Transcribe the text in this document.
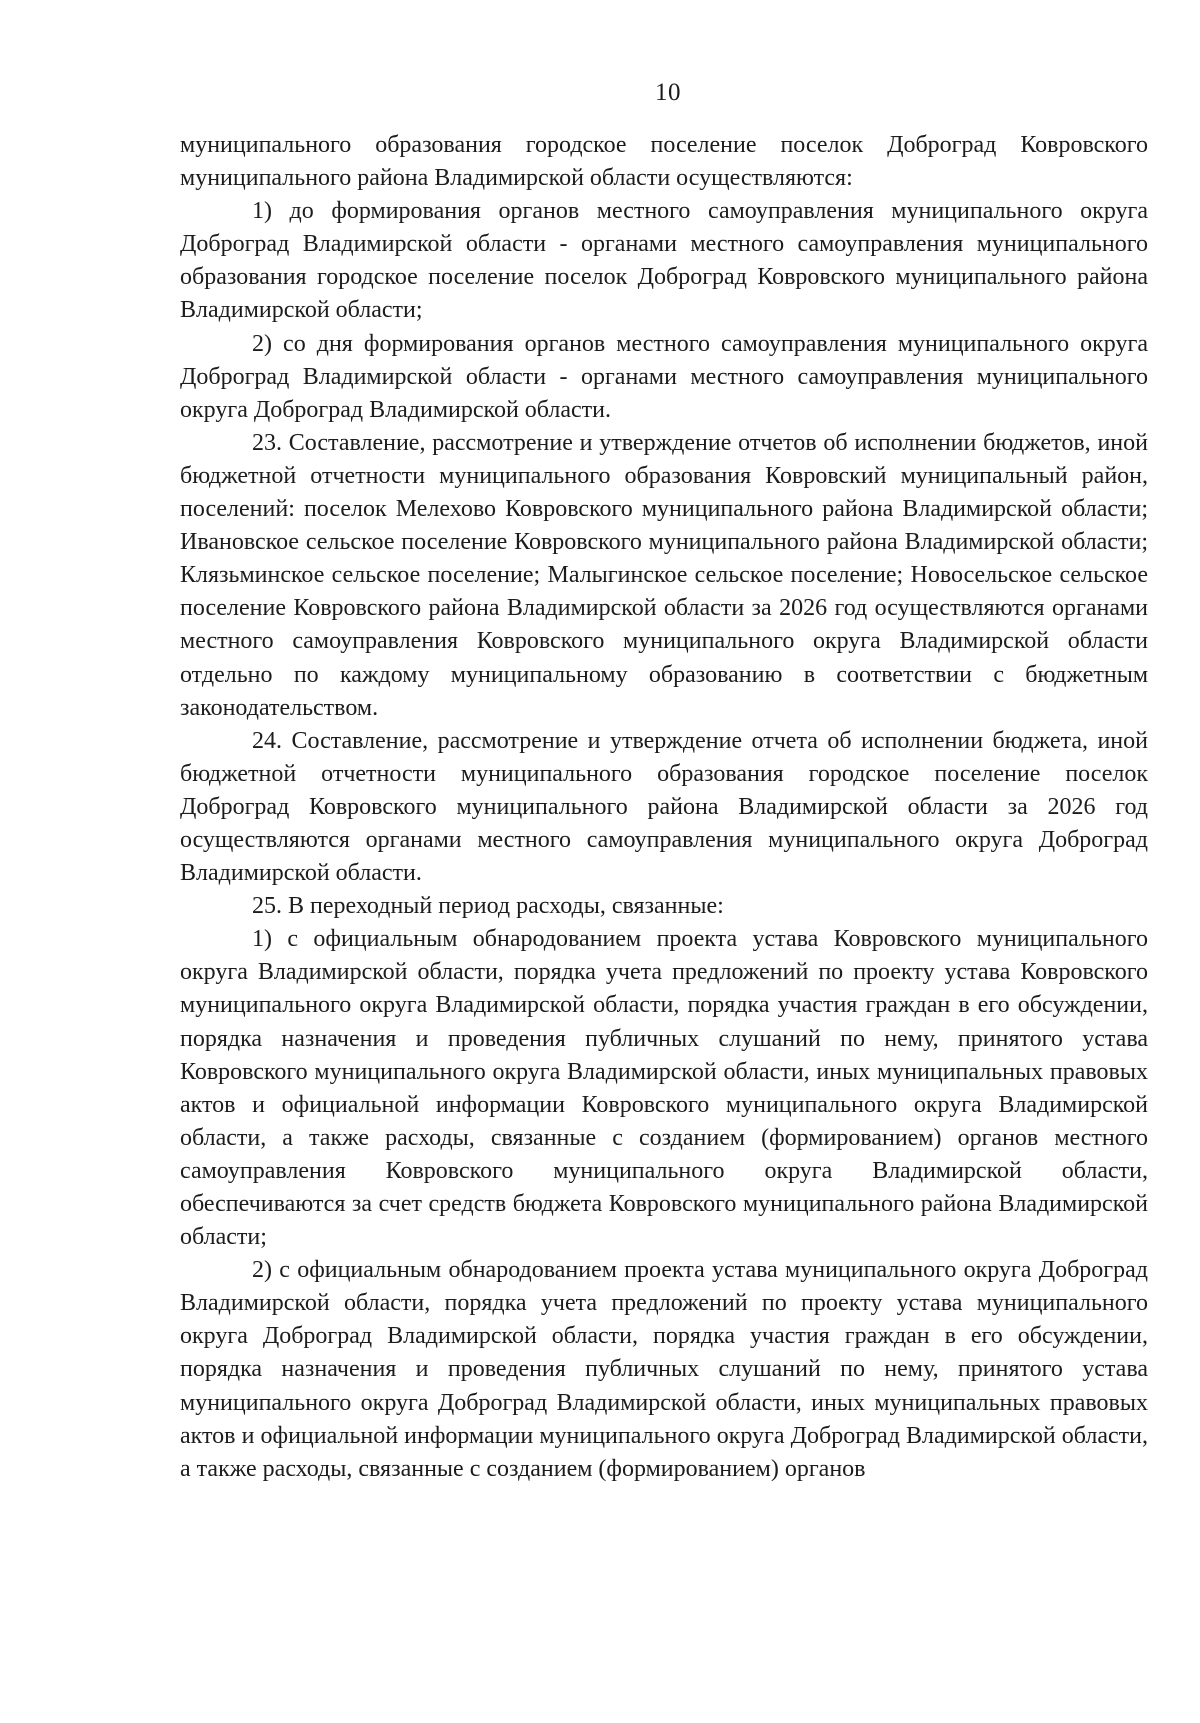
10

муниципального образования городское поселение поселок Доброград Ковровского муниципального района Владимирской области осуществляются:

1) до формирования органов местного самоуправления муниципального округа Доброград Владимирской области - органами местного самоуправления муниципального образования городское поселение поселок Доброград Ковровского муниципального района Владимирской области;

2) со дня формирования органов местного самоуправления муниципального округа Доброград Владимирской области - органами местного самоуправления муниципального округа Доброград Владимирской области.

23. Составление, рассмотрение и утверждение отчетов об исполнении бюджетов, иной бюджетной отчетности муниципального образования Ковровский муниципальный район, поселений: поселок Мелехово Ковровского муниципального района Владимирской области; Ивановское сельское поселение Ковровского муниципального района Владимирской области; Клязьминское сельское поселение; Малыгинское сельское поселение; Новосельское сельское поселение Ковровского района Владимирской области за 2026 год осуществляются органами местного самоуправления Ковровского муниципального округа Владимирской области отдельно по каждому муниципальному образованию в соответствии с бюджетным законодательством.

24. Составление, рассмотрение и утверждение отчета об исполнении бюджета, иной бюджетной отчетности муниципального образования городское поселение поселок Доброград Ковровского муниципального района Владимирской области за 2026 год осуществляются органами местного самоуправления муниципального округа Доброград Владимирской области.

25. В переходный период расходы, связанные:

1) с официальным обнародованием проекта устава Ковровского муниципального округа Владимирской области, порядка учета предложений по проекту устава Ковровского муниципального округа Владимирской области, порядка участия граждан в его обсуждении, порядка назначения и проведения публичных слушаний по нему, принятого устава Ковровского муниципального округа Владимирской области, иных муниципальных правовых актов и официальной информации Ковровского муниципального округа Владимирской области, а также расходы, связанные с созданием (формированием) органов местного самоуправления Ковровского муниципального округа Владимирской области, обеспечиваются за счет средств бюджета Ковровского муниципального района Владимирской области;

2) с официальным обнародованием проекта устава муниципального округа Доброград Владимирской области, порядка учета предложений по проекту устава муниципального округа Доброград Владимирской области, порядка участия граждан в его обсуждении, порядка назначения и проведения публичных слушаний по нему, принятого устава муниципального округа Доброград Владимирской области, иных муниципальных правовых актов и официальной информации муниципального округа Доброград Владимирской области, а также расходы, связанные с созданием (формированием) органов
